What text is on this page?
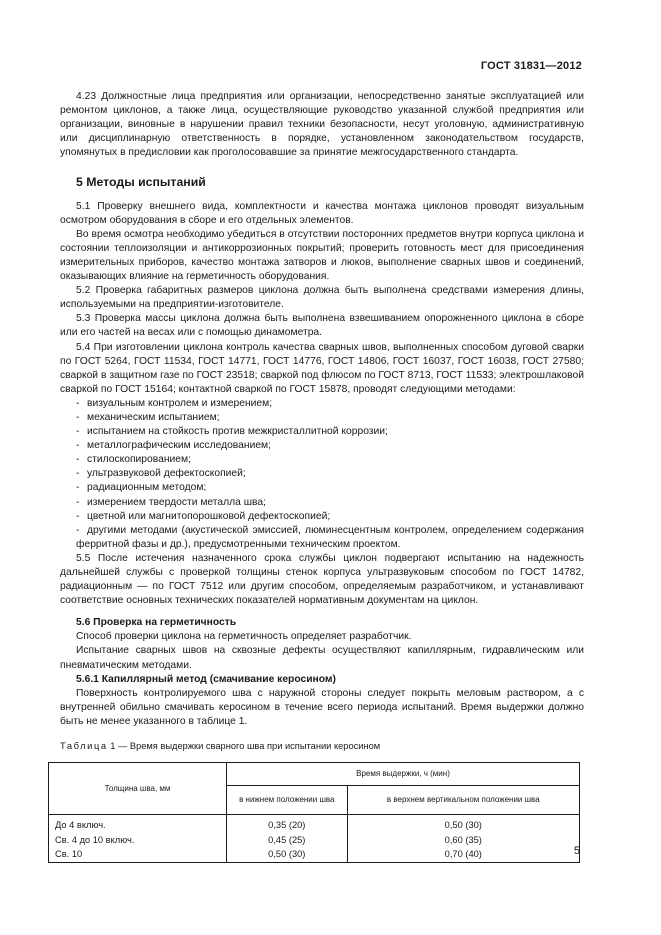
ГОСТ 31831—2012

4.23 Должностные лица предприятия или организации, непосредственно занятые эксплуатацией или ремонтом циклонов, а также лица, осуществляющие руководство указанной службой предприятия или организации, виновные в нарушении правил техники безопасности, несут уголовную, административную или дисциплинарную ответственность в порядке, установленном законодательством государств, упомянутых в предисловии как проголосовавшие за принятие межгосударственного стандарта.

5 Методы испытаний

5.1 Проверку внешнего вида, комплектности и качества монтажа циклонов проводят визуальным осмотром оборудования в сборе и его отдельных элементов.

Во время осмотра необходимо убедиться в отсутствии посторонних предметов внутри корпуса циклона и состоянии теплоизоляции и антикоррозионных покрытий; проверить готовность мест для присоединения измерительных приборов, качество монтажа затворов и люков, выполнение сварных швов и соединений, оказывающих влияние на герметичность оборудования.

5.2 Проверка габаритных размеров циклона должна быть выполнена средствами измерения длины, используемыми на предприятии-изготовителе.

5.3 Проверка массы циклона должна быть выполнена взвешиванием опорожненного циклона в сборе или его частей на весах или с помощью динамометра.

5.4 При изготовлении циклона контроль качества сварных швов, выполненных способом дуговой сварки по ГОСТ 5264, ГОСТ 11534, ГОСТ 14771, ГОСТ 14776, ГОСТ 14806, ГОСТ 16037, ГОСТ 16038, ГОСТ 27580; сваркой в защитном газе по ГОСТ 23518; сваркой под флюсом по ГОСТ 8713, ГОСТ 11533; электрошлаковой сваркой по ГОСТ 15164; контактной сваркой по ГОСТ 15878, проводят следующими методами:

- визуальным контролем и измерением;
- механическим испытанием;
- испытанием на стойкость против межкристаллитной коррозии;
- металлографическим исследованием;
- стилоскопированием;
- ультразвуковой дефектоскопией;
- радиационным методом;
- измерением твердости металла шва;
- цветной или магнитопорошковой дефектоскопией;
- другими методами (акустической эмиссией, люминесцентным контролем, определением содержания ферритной фазы и др.), предусмотренными техническим проектом.

5.5 После истечения назначенного срока службы циклон подвергают испытанию на надежность дальнейшей службы с проверкой толщины стенок корпуса ультразвуковым способом по ГОСТ 14782, радиационным — по ГОСТ 7512 или другим способом, определяемым разработчиком, и устанавливают соответствие основных технических показателей нормативным документам на циклон.

5.6 Проверка на герметичность

Способ проверки циклона на герметичность определяет разработчик.

Испытание сварных швов на сквозные дефекты осуществляют капиллярным, гидравлическим или пневматическим методами.

5.6.1 Капиллярный метод (смачивание керосином)

Поверхность контролируемого шва с наружной стороны следует покрыть меловым раствором, а с внутренней обильно смачивать керосином в течение всего периода испытаний. Время выдержки должно быть не менее указанного в таблице 1.

Таблица 1 — Время выдержки сварного шва при испытании керосином
Толщина шва, мм	Время выдержки, ч (мин)	
	в нижнем положении шва	в верхнем вертикальном положении шва
До 4 включ.	0,35 (20)	0,50 (30)
Св. 4 до 10 включ.	0,45 (25)	0,60 (35)
Св. 10	0,50 (30)	0,70 (40)	5
